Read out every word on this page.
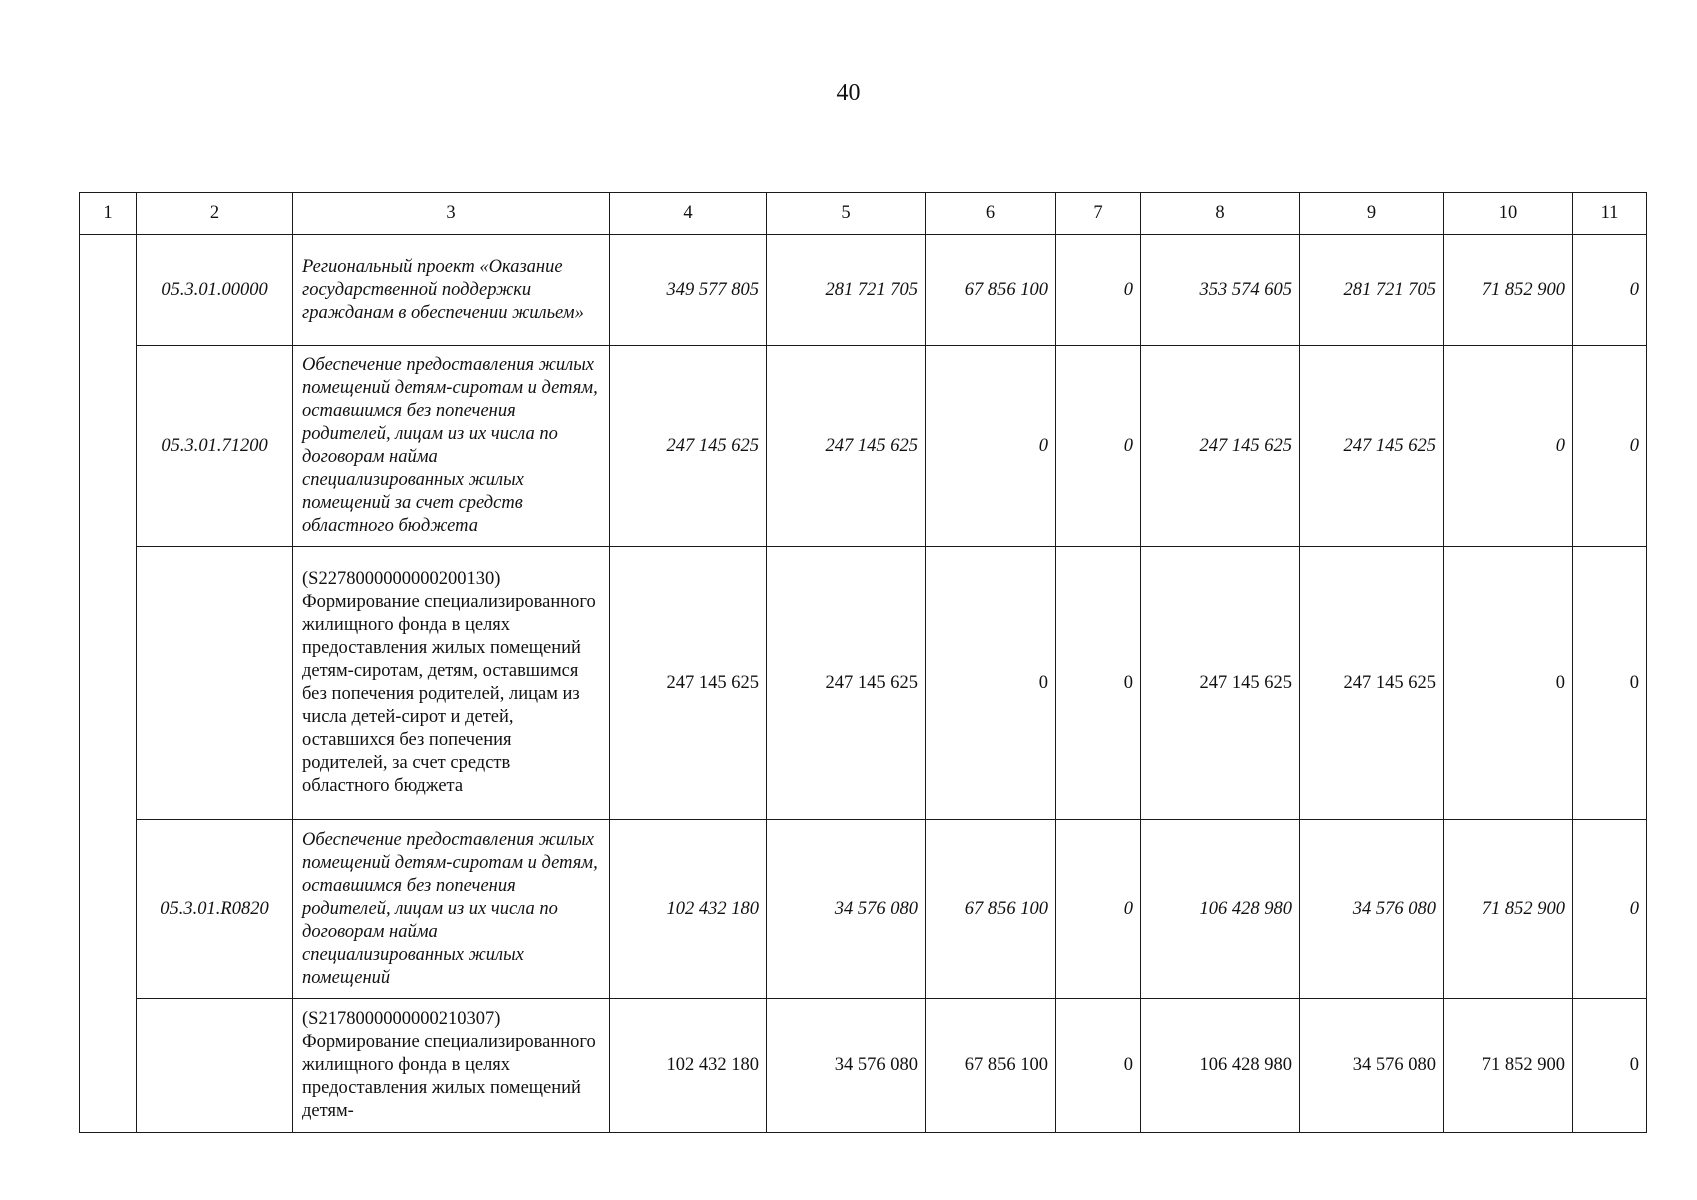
40
1	2	3	4	5	6	7	8	9	10	11
	05.3.01.00000	Региональный проект «Оказание государственной поддержки гражданам в обеспечении жильем»	349 577 805	281 721 705	67 856 100	0	353 574 605	281 721 705	71 852 900	0
	05.3.01.71200	Обеспечение предоставления жилых помещений детям-сиротам и детям, оставшимся без попечения родителей, лицам из их числа по договорам найма специализированных жилых помещений за счет средств областного бюджета	247 145 625	247 145 625	0	0	247 145 625	247 145 625	0	0
		(S2278000000000200130) Формирование специализированного жилищного фонда в целях предоставления жилых помещений детям-сиротам, детям, оставшимся без попечения родителей, лицам из числа детей-сирот и детей, оставшихся без попечения родителей, за счет средств областного бюджета	247 145 625	247 145 625	0	0	247 145 625	247 145 625	0	0
	05.3.01.R0820	Обеспечение предоставления жилых помещений детям-сиротам и детям, оставшимся без попечения родителей, лицам из их числа по договорам найма специализированных жилых помещений	102 432 180	34 576 080	67 856 100	0	106 428 980	34 576 080	71 852 900	0
		(S2178000000000210307) Формирование специализированного жилищного фонда в целях предоставления жилых помещений детям-	102 432 180	34 576 080	67 856 100	0	106 428 980	34 576 080	71 852 900	0
